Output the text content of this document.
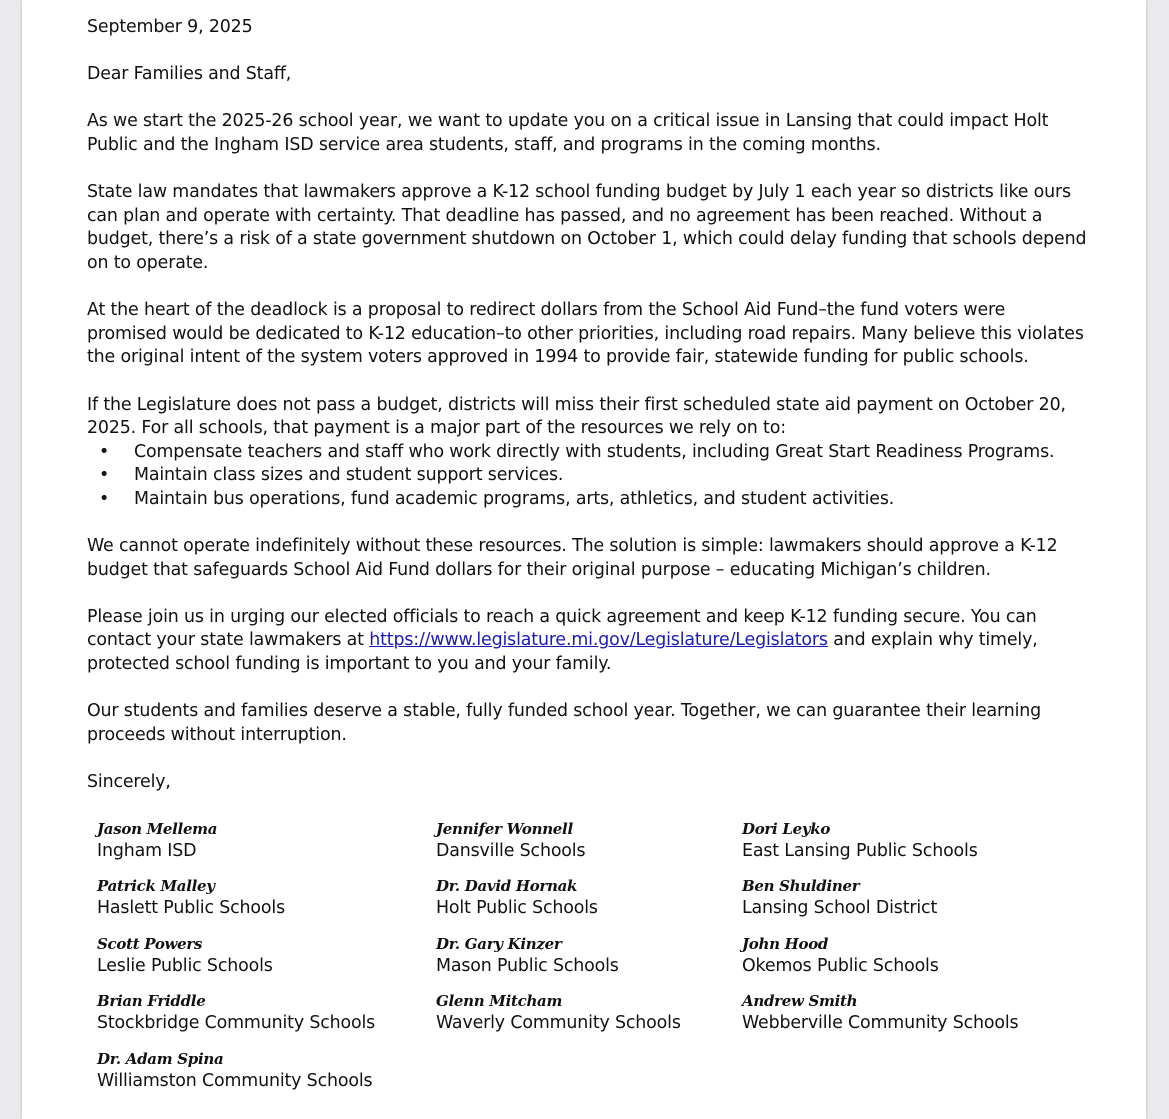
September 9, 2025

Dear Families and Staff,

As we start the 2025-26 school year, we want to update you on a critical issue in Lansing that could impact Holt Public and the Ingham ISD service area students, staff, and programs in the coming months.

State law mandates that lawmakers approve a K-12 school funding budget by July 1 each year so districts like ours can plan and operate with certainty. That deadline has passed, and no agreement has been reached. Without a budget, there’s a risk of a state government shutdown on October 1, which could delay funding that schools depend on to operate.

At the heart of the deadlock is a proposal to redirect dollars from the School Aid Fund–the fund voters were promised would be dedicated to K-12 education–to other priorities, including road repairs. Many believe this violates the original intent of the system voters approved in 1994 to provide fair, statewide funding for public schools.

If the Legislature does not pass a budget, districts will miss their first scheduled state aid payment on October 20, 2025. For all schools, that payment is a major part of the resources we rely on to:

• Compensate teachers and staff who work directly with students, including Great Start Readiness Programs.
• Maintain class sizes and student support services.
• Maintain bus operations, fund academic programs, arts, athletics, and student activities.

We cannot operate indefinitely without these resources. The solution is simple: lawmakers should approve a K-12 budget that safeguards School Aid Fund dollars for their original purpose – educating Michigan’s children.

Please join us in urging our elected officials to reach a quick agreement and keep K-12 funding secure. You can contact your state lawmakers at https://www.legislature.mi.gov/Legislature/Legislators and explain why timely, protected school funding is important to you and your family.

Our students and families deserve a stable, fully funded school year. Together, we can guarantee their learning proceeds without interruption.

Sincerely,

Jason Mellema
Ingham ISD
Jennifer Wonnell
Dansville Schools
Dori Leyko
East Lansing Public Schools
Patrick Malley
Haslett Public Schools
Dr. David Hornak
Holt Public Schools
Ben Shuldiner
Lansing School District
Scott Powers
Leslie Public Schools
Dr. Gary Kinzer
Mason Public Schools
John Hood
Okemos Public Schools
Brian Friddle
Stockbridge Community Schools
Glenn Mitcham
Waverly Community Schools
Andrew Smith
Webberville Community Schools
Dr. Adam Spina
Williamston Community Schools
